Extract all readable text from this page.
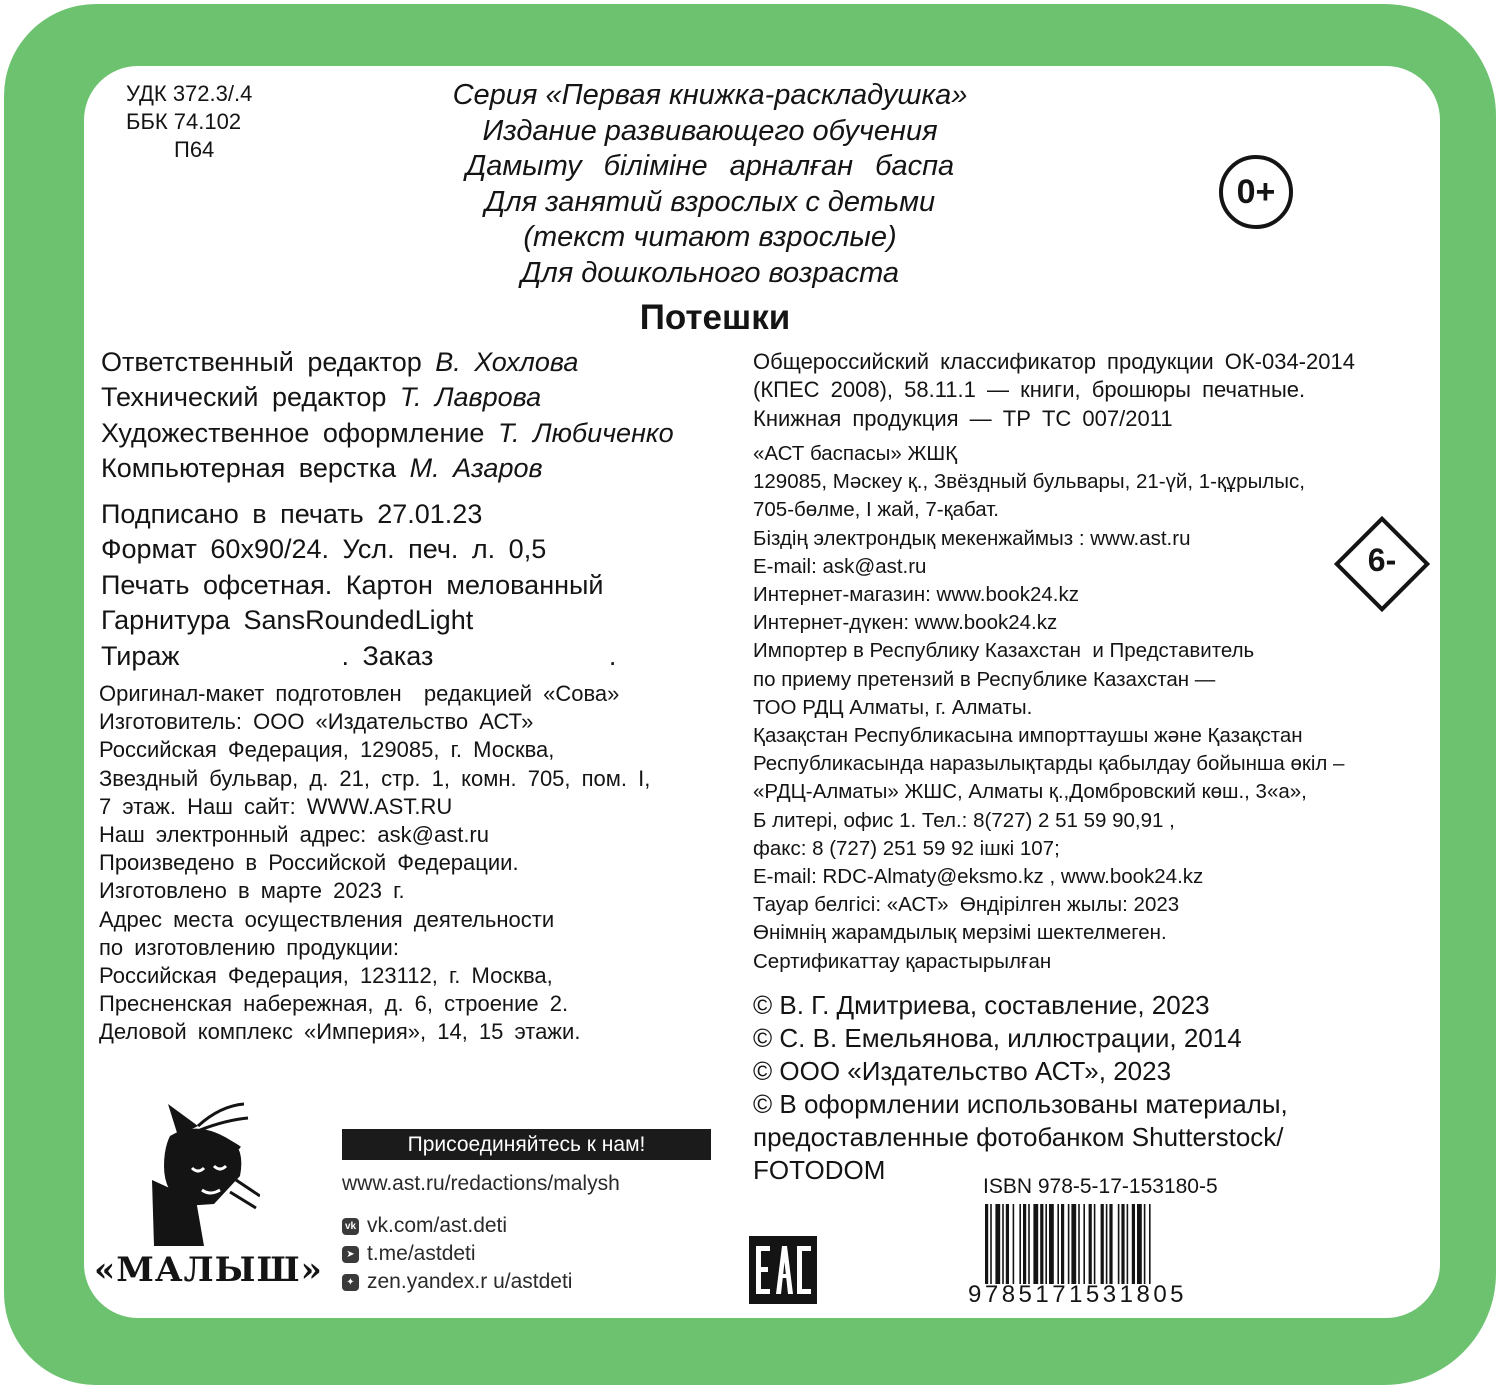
УДК 372.3/.4
ББК 74.102
П64
Серия «Первая книжка-раскладушка»
Издание развивающего обучения
Дамыту біліміне арналған баспа
Для занятий взрослых с детьми
(текст читают взрослые)
Для дошкольного возраста
0+
Потешки
Ответственный редактор В. Хохлова
Технический редактор Т. Лаврова
Художественное оформление Т. Любиченко
Компьютерная верстка М. Азаров
Подписано в печать 27.01.23
Формат 60x90/24. Усл. печ. л. 0,5
Печать офсетная. Картон мелованный
Гарнитура SansRoundedLight
Тираж            . Заказ             .
Оригинал-макет подготовлен  редакцией «Сова»
Изготовитель: ООО «Издательство АСТ»
Российская Федерация, 129085, г. Москва,
Звездный бульвар, д. 21, стр. 1, комн. 705, пом. I,
7 этаж. Наш сайт: WWW.AST.RU
Наш электронный адрес: ask@ast.ru
Произведено в Российской Федерации.
Изготовлено в марте 2023 г.
Адрес места осуществления деятельности
по изготовлению продукции:
Российская Федерация, 123112, г. Москва,
Пресненская набережная, д. 6, строение 2.
Деловой комплекс «Империя», 14, 15 этажи.
Общероссийский классификатор продукции ОК-034-2014
(КПЕС 2008), 58.11.1 — книги, брошюры печатные.
Книжная продукция — ТР ТС 007/2011
«АСТ баспасы» ЖШҚ
129085, Мәскеу қ., Звёздный бульвары, 21-үй, 1-құрылыс,
705-бөлме, I жай, 7-қабат.
Біздің электрондық мекенжаймыз : www.ast.ru
E-mail: ask@ast.ru
Интернет-магазин: www.book24.kz
Интернет-дүкен: www.book24.kz
Импортер в Республику Казахстан  и Представитель
по приему претензий в Республике Казахстан —
ТОО РДЦ Алматы, г. Алматы.
Қазақстан Республикасына импорттаушы және Қазақстан
Республикасында наразылықтарды қабылдау бойынша өкіл –
«РДЦ-Алматы» ЖШС, Алматы қ.,Домбровский көш., 3«а»,
Б литері, офис 1. Тел.: 8(727) 2 51 59 90,91 ,
факс: 8 (727) 251 59 92 ішкі 107;
E-mail: RDC-Almaty@eksmo.kz , www.book24.kz
Тауар белгісі: «АСТ»  Өндірілген жылы: 2023
Өнімнің жарамдылық мерзімі шектелмеген.
Сертификаттау қарастырылған
6-
© В. Г. Дмитриева, составление, 2023
© С. В. Емельянова, иллюстрации, 2014
© ООО «Издательство АСТ», 2023
© В оформлении использованы материалы,
предоставленные фотобанком Shutterstock/
FOTODOM
«МАЛЫШ»
Присоединяйтесь к нам!
www.ast.ru/redactions/malysh
vk vk.com/ast.deti
➤ t.me/astdeti
✦ zen.yandex.r u/astdeti
ISBN 978-5-17-153180-5
9785171531805
